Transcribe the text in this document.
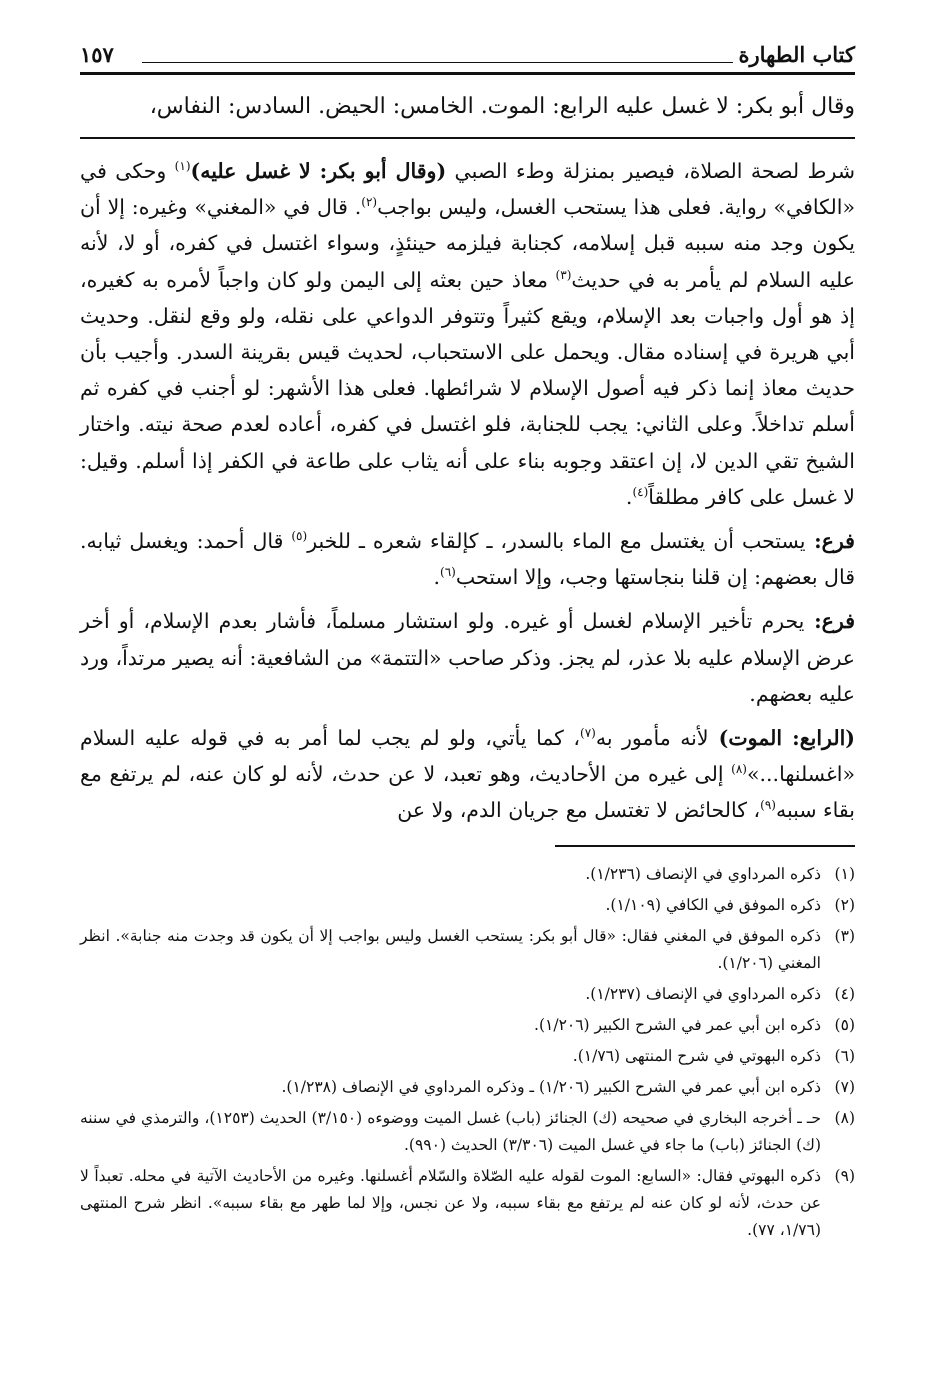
كتاب الطهارة
١٥٧
وقال أبو بكر: لا غسل عليه الرابع: الموت. الخامس: الحيض. السادس: النفاس،

شرط لصحة الصلاة، فيصير بمنزلة وطء الصبي (وقال أبو بكر: لا غسل عليه)$^{(١)}$ وحكى في «الكافي» رواية. فعلى هذا يستحب الغسل، وليس بواجب$^{(٢)}$. قال في «المغني» وغيره: إلا أن يكون وجد منه سببه قبل إسلامه، كجنابة فيلزمه حينئذٍ، وسواء اغتسل في كفره، أو لا، لأنه عليه السلام لم يأمر به في حديث$^{(٣)}$ معاذ حين بعثه إلى اليمن ولو كان واجباً لأمره به كغيره، إذ هو أول واجبات بعد الإسلام، ويقع كثيراً وتتوفر الدواعي على نقله، ولو وقع لنقل. وحديث أبي هريرة في إسناده مقال. ويحمل على الاستحباب، لحديث قيس بقرينة السدر. وأجيب بأن حديث معاذ إنما ذكر فيه أصول الإسلام لا شرائطها. فعلى هذا الأشهر: لو أجنب في كفره ثم أسلم تداخلاً. وعلى الثاني: يجب للجنابة، فلو اغتسل في كفره، أعاده لعدم صحة نيته. واختار الشيخ تقي الدين لا، إن اعتقد وجوبه بناء على أنه يثاب على طاعة في الكفر إذا أسلم. وقيل: لا غسل على كافر مطلقاً$^{(٤)}$.

فرع: يستحب أن يغتسل مع الماء بالسدر، ـ كإلقاء شعره ـ للخبر$^{(٥)}$ قال أحمد: ويغسل ثيابه. قال بعضهم: إن قلنا بنجاستها وجب، وإلا استحب$^{(٦)}$.

فرع: يحرم تأخير الإسلام لغسل أو غيره. ولو استشار مسلماً، فأشار بعدم الإسلام، أو أخر عرض الإسلام عليه بلا عذر، لم يجز. وذكر صاحب «التتمة» من الشافعية: أنه يصير مرتداً، ورد عليه بعضهم.

(الرابع: الموت) لأنه مأمور به$^{(٧)}$، كما يأتي، ولو لم يجب لما أمر به في قوله عليه السلام «اغسلنها...»$^{(٨)}$ إلى غيره من الأحاديث، وهو تعبد، لا عن حدث، لأنه لو كان عنه، لم يرتفع مع بقاء سببه$^{(٩)}$، كالحائض لا تغتسل مع جريان الدم، ولا عن

(١)
ذكره المرداوي في الإنصاف (١/٢٣٦).
(٢)
ذكره الموفق في الكافي (١/١٠٩).
(٣)
ذكره الموفق في المغني فقال: «قال أبو بكر: يستحب الغسل وليس بواجب إلا أن يكون قد وجدت منه جنابة». انظر المغني (١/٢٠٦).
(٤)
ذكره المرداوي في الإنصاف (١/٢٣٧).
(٥)
ذكره ابن أبي عمر في الشرح الكبير (١/٢٠٦).
(٦)
ذكره البهوتي في شرح المنتهى (١/٧٦).
(٧)
ذكره ابن أبي عمر في الشرح الكبير (١/٢٠٦) ـ وذكره المرداوي في الإنصاف (١/٢٣٨).
(٨)
حـ ـ أخرجه البخاري في صحيحه (ك) الجنائز (باب) غسل الميت ووضوءه (٣/١٥٠) الحديث (١٢٥٣)، والترمذي في سننه (ك) الجنائز (باب) ما جاء في غسل الميت (٣/٣٠٦) الحديث (٩٩٠).
(٩)
ذكره البهوتي فقال: «السابع: الموت لقوله عليه الصّلاة والسّلام أغسلنها. وغيره من الأحاديث الآتية في محله. تعبداً لا عن حدث، لأنه لو كان عنه لم يرتفع مع بقاء سببه، ولا عن نجس، وإلا لما طهر مع بقاء سببه». انظر شرح المنتهى (١/٧٦، ٧٧).
